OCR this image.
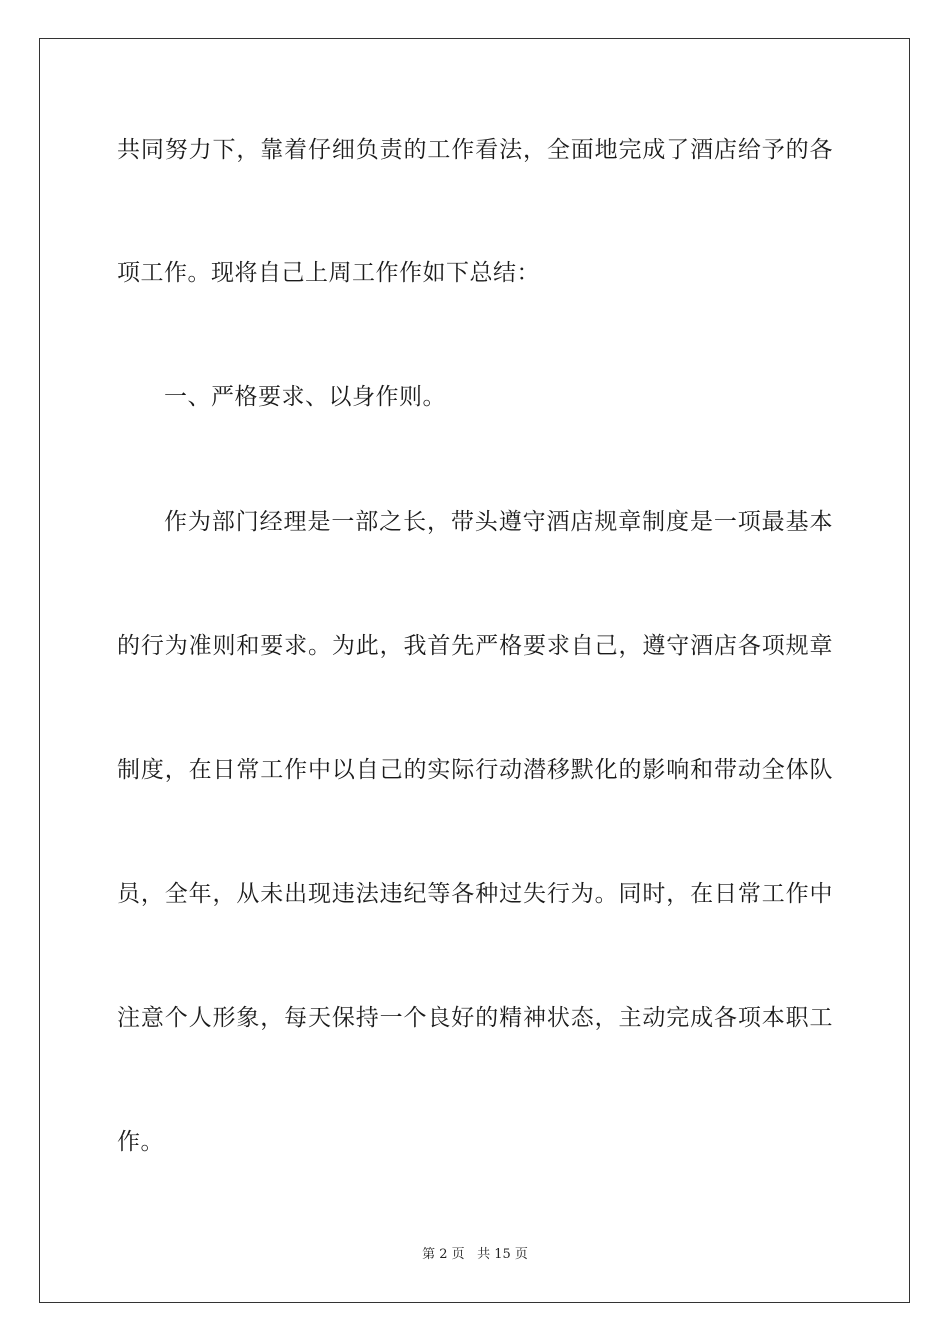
共同努力下，靠着仔细负责的工作看法，全面地完成了酒店给予的各
项工作。现将自己上周工作作如下总结：
一、严格要求、以身作则。
作为部门经理是一部之长，带头遵守酒店规章制度是一项最基本
的行为准则和要求。为此，我首先严格要求自己，遵守酒店各项规章
制度，在日常工作中以自己的实际行动潜移默化的影响和带动全体队
员，全年，从未出现违法违纪等各种过失行为。同时，在日常工作中
注意个人形象，每天保持一个良好的精神状态，主动完成各项本职工
作。
第 2 页 共 15 页
